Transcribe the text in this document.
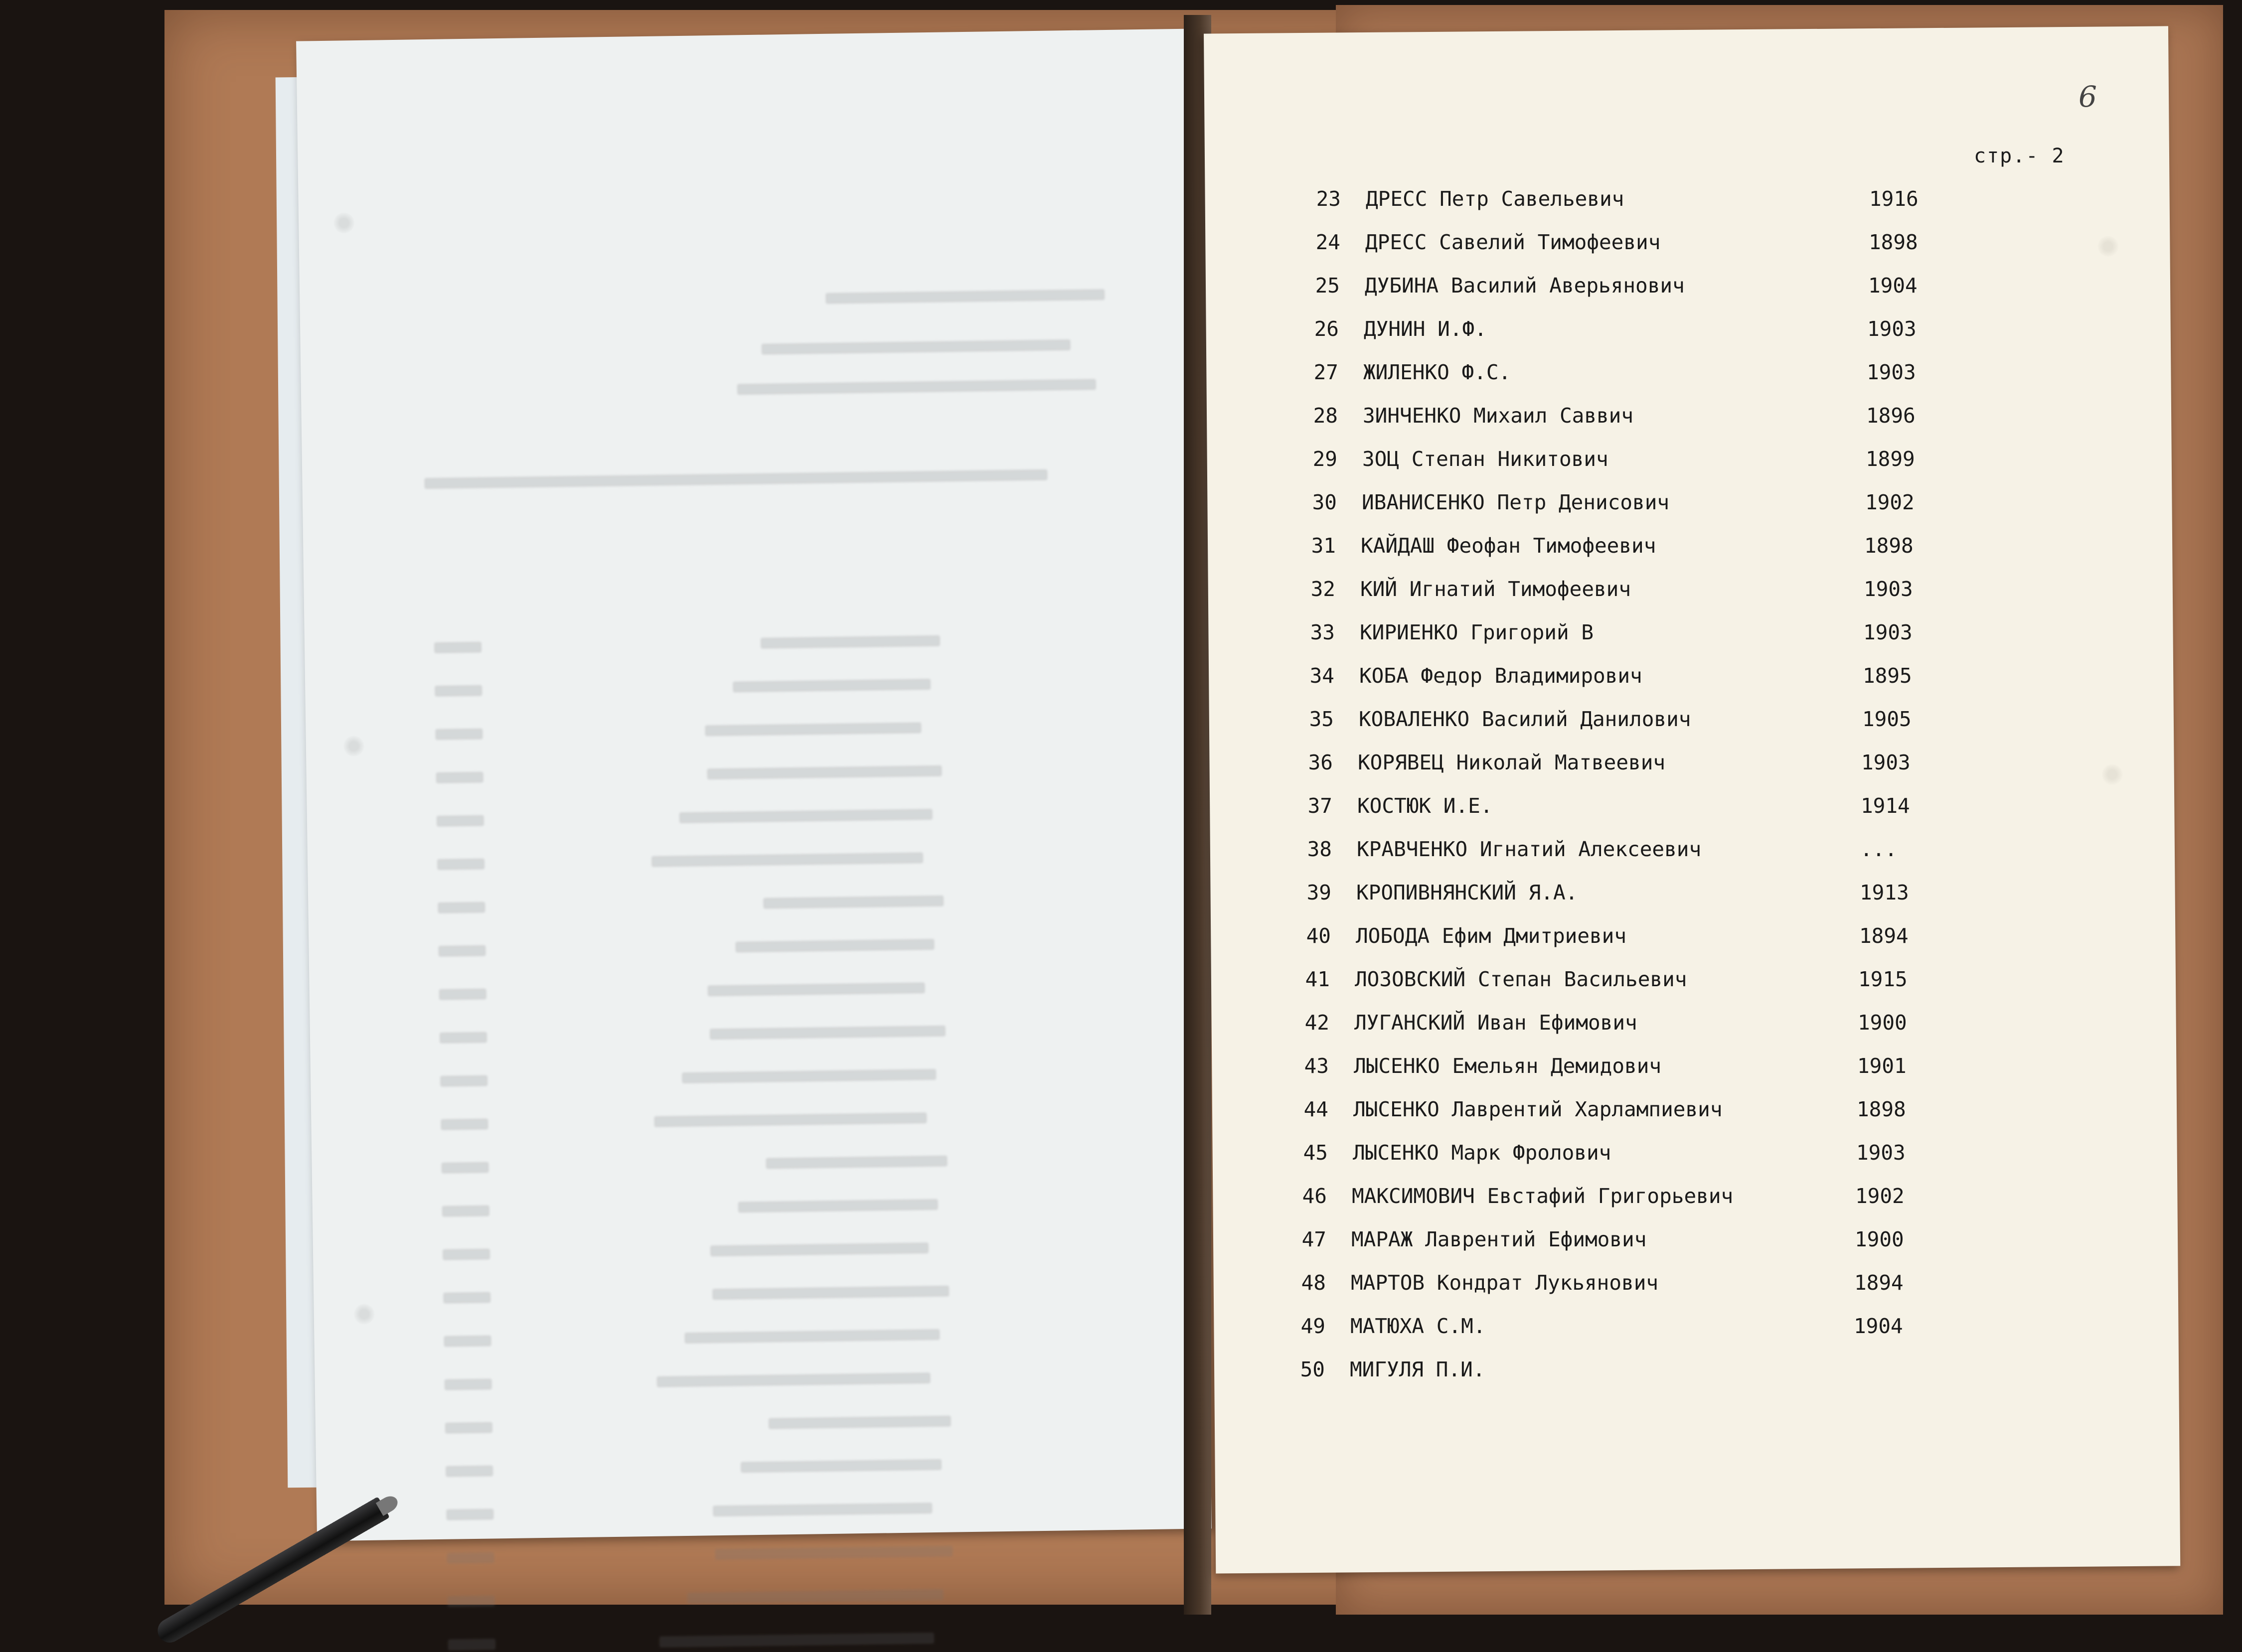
6
стр.- 2
23 ДРЕСС Петр Савельевич	1916
24 ДРЕСС Савелий Тимофеевич	1898
25 ДУБИНА Василий Аверьянович	1904
26 ДУНИН И.Ф.	1903
27 ЖИЛЕНКО Ф.С.	1903
28 ЗИНЧЕНКО Михаил Саввич	1896
29 ЗОЦ Степан Никитович	1899
30 ИВАНИСЕНКО Петр Денисович	1902
31 КАЙДАШ Феофан Тимофеевич	1898
32 КИЙ Игнатий Тимофеевич	1903
33 КИРИЕНКО Григорий В	1903
34 КОБА Федор Владимирович	1895
35 КОВАЛЕНКО Василий Данилович	1905
36 КОРЯВЕЦ Николай Матвеевич	1903
37 КОСТЮК И.Е.	1914
38 КРАВЧЕНКО Игнатий Алексеевич	...
39 КРОПИВНЯНСКИЙ Я.А.	1913
40 ЛОБОДА Ефим Дмитриевич	1894
41 ЛОЗОВСКИЙ Степан Васильевич	1915
42 ЛУГАНСКИЙ Иван Ефимович	1900
43 ЛЫСЕНКО Емельян Демидович	1901
44 ЛЫСЕНКО Лаврентий Харлампиевич	1898
45 ЛЫСЕНКО Марк Фролович	1903
46 МАКСИМОВИЧ Евстафий Григорьевич	1902
47 МАРАЖ Лаврентий Ефимович	1900
48 МАРТОВ Кондрат Лукьянович	1894
49 МАТЮХА С.М.	1904
50 МИГУЛЯ П.И.
